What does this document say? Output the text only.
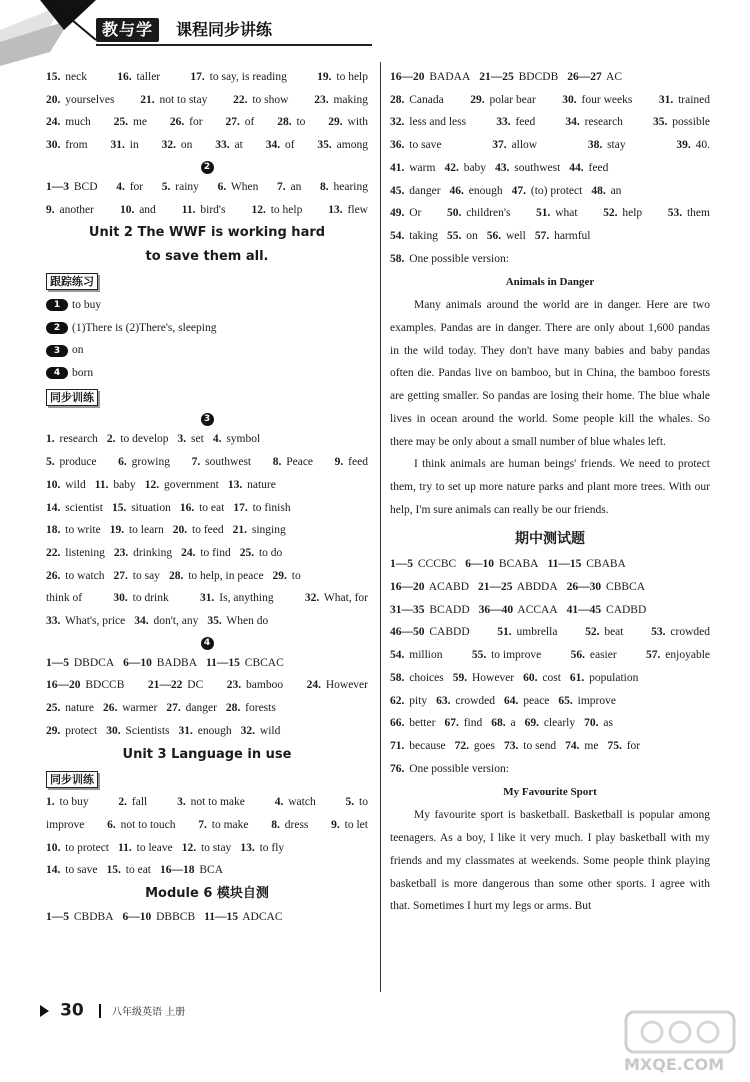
教与学	课程同步讲练
15. neck	16. taller	17. to say, is reading	19. to help
20. yourselves 21. not to stay 22. to show 23. making
24. much 25. me 26. for 27. of 28. to 29. with
30. from 31. in 32. on 33. at 34. of 35. among
2
1—3 BCD 4. for 5. rainy 6. When 7. an 8. hearing
9. another 10. and 11. bird's 12. to help 13. flew
Unit 2 The WWF is working hard
to save them all.
跟踪练习
1 to buy
2 (1)There is (2)There's, sleeping
3 on
4 born
同步训练
3
1. research 2. to develop 3. set 4. symbol
5. produce 6. growing 7. southwest 8. Peace 9. feed
10. wild 11. baby 12. government 13. nature
14. scientist 15. situation 16. to eat 17. to finish
18. to write 19. to learn 20. to feed 21. singing
22. listening 23. drinking 24. to find 25. to do
26. to watch 27. to say 28. to help, in peace 29. to
think of	30. to drink	31. Is, anything	32. What, for
33. What's, price 34. don't, any 35. When do
4
1—5 DBDCA 6—10 BADBA 11—15 CBCAC
16—20 BDCCB 21—22 DC 23. bamboo 24. However
25. nature 26. warmer 27. danger 28. forests
29. protect 30. Scientists 31. enough 32. wild
Unit 3 Language in use
同步训练
1. to buy	2. fall	3. not to make	4. watch	5. to
improve 6. not to touch 7. to make 8. dress 9. to let
10. to protect 11. to leave 12. to stay 13. to fly
14. to save 15. to eat 16—18 BCA
Module 6 模块自测
1—5 CBDBA 6—10 DBBCB 11—15 ADCAC
16—20 BADAA 21—25 BDCDB 26—27 AC
28. Canada 29. polar bear 30. four weeks 31. trained
32. less and less	33. feed	34. research	35. possible
36. to save	37. allow	38. stay	39. 40.
41. warm 42. baby 43. southwest 44. feed
45. danger 46. enough 47. (to) protect 48. an
49. Or 50. children's 51. what 52. help 53. them
54. taking 55. on 56. well 57. harmful
58. One possible version:
Animals in Danger
Many animals around the world are in danger. Here are two examples. Pandas are in danger. There are only about 1,600 pandas in the wild today. They don't have many babies and baby pandas often die. Pandas live on bamboo, but in China, the bamboo forests are getting smaller. So pandas are losing their home. The blue whale lives in ocean around the world. Some people kill the whales. So there may be only about a small number of blue whales left.
I think animals are human beings' friends. We need to protect them, try to set up more nature parks and plant more trees. With our help, I'm sure animals can really be our friends.
期中测试题
1—5 CCCBC 6—10 BCABA 11—15 CBABA
16—20 ACABD 21—25 ABDDA 26—30 CBBCA
31—35 BCADD 36—40 ACCAA 41—45 CADBD
46—50 CABDD 51. umbrella 52. beat 53. crowded
54. million	55. to improve	56. easier	57. enjoyable
58. choices 59. However 60. cost 61. population
62. pity 63. crowded 64. peace 65. improve
66. better 67. find 68. a 69. clearly 70. as
71. because 72. goes 73. to send 74. me 75. for
76. One possible version:
My Favourite Sport
My favourite sport is basketball. Basketball is popular among teenagers. As a boy, I like it very much. I play basketball with my friends and my classmates at weekends. Some people think playing basketball is more dangerous than some other sports. I agree with that. Sometimes I hurt my legs or arms. But
30	八年级英语 上册
MXQE.COM
